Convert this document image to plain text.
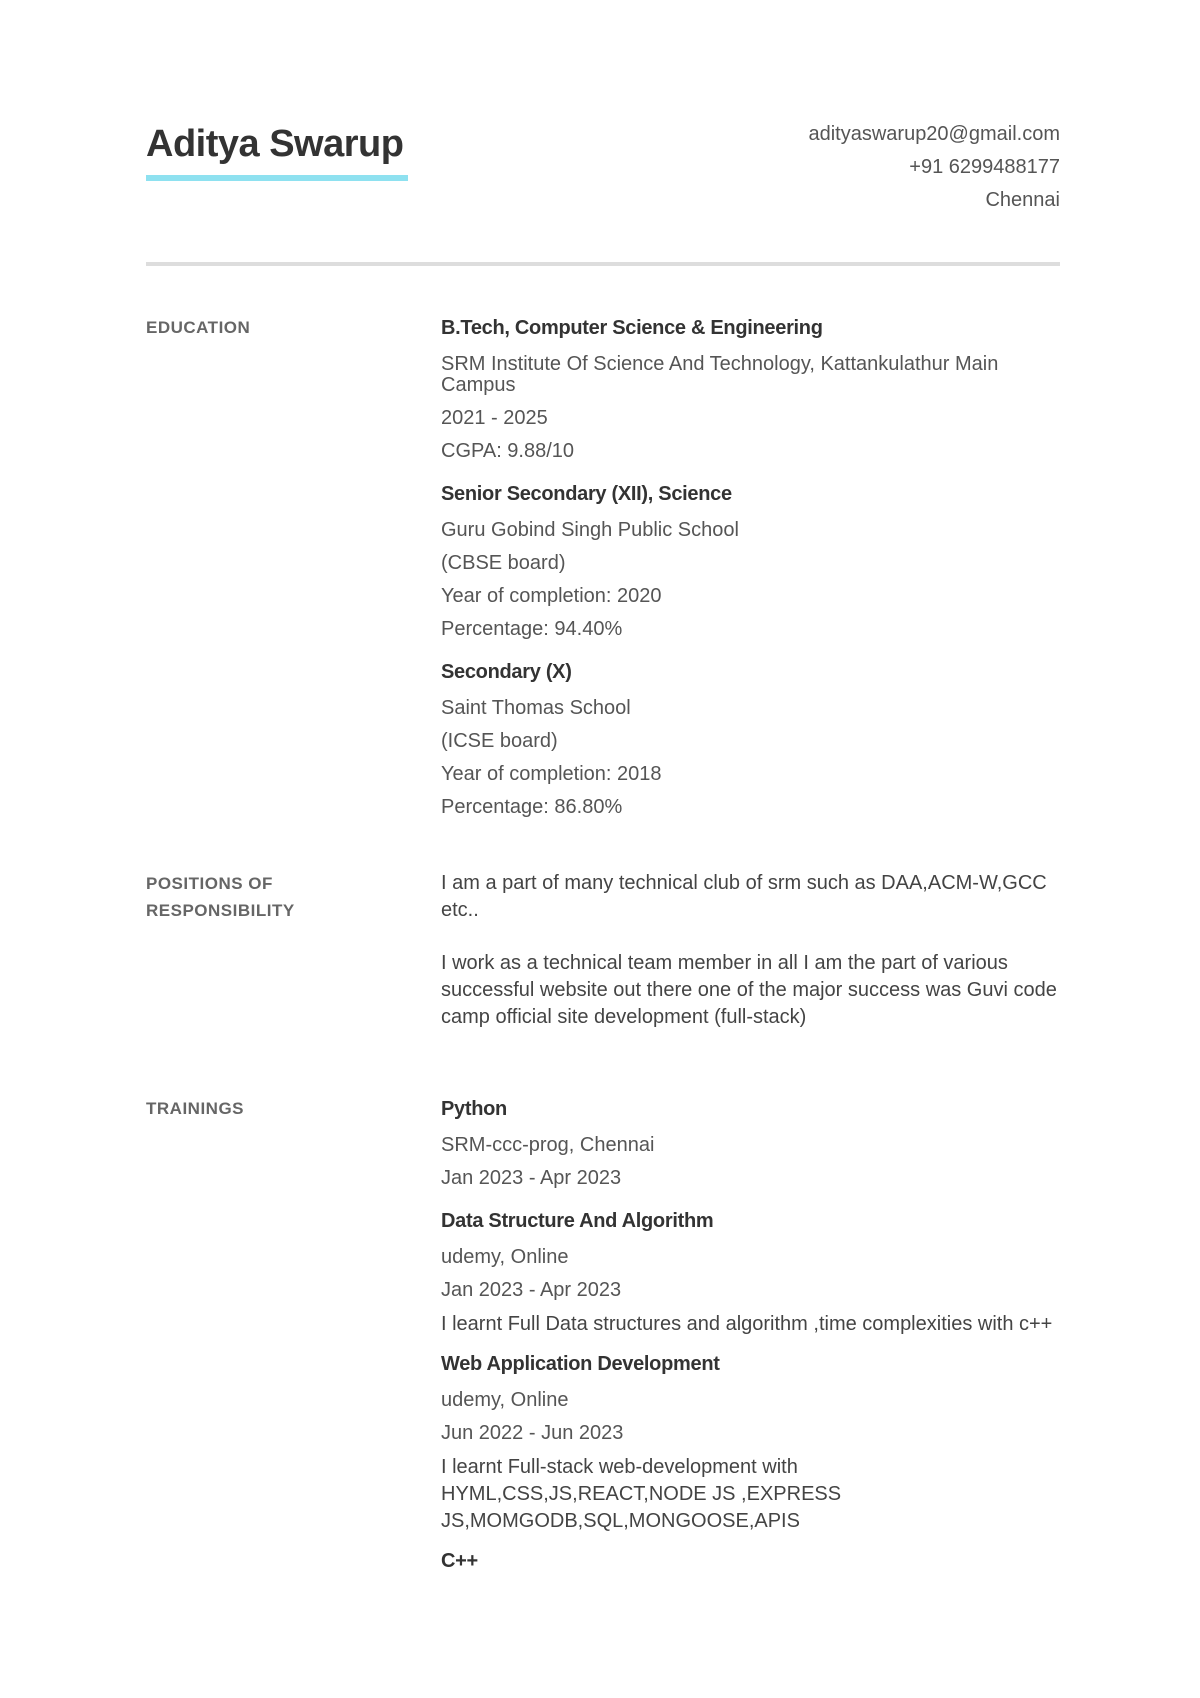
Aditya Swarup	adityaswarup20@gmail.com
+91 6299488177
Chennai
EDUCATION	B.Tech, Computer Science & Engineering
SRM Institute Of Science And Technology, Kattankulathur Main Campus
2021 - 2025
CGPA: 9.88/10
Senior Secondary (XII), Science
Guru Gobind Singh Public School
(CBSE board)
Year of completion: 2020
Percentage: 94.40%
Secondary (X)
Saint Thomas School
(ICSE board)
Year of completion: 2018
Percentage: 86.80%
POSITIONS OF
RESPONSIBILITY

I am a part of many technical club of srm such as DAA,ACM-W,GCC etc..

I work as a technical team member in all I am the part of various successful website out there one of the major success was Guvi code camp official site development (full-stack)

TRAININGS	Python
SRM-ccc-prog, Chennai
Jan 2023 - Apr 2023
Data Structure And Algorithm
udemy, Online
Jan 2023 - Apr 2023
I learnt Full Data structures and algorithm ,time complexities with c++
Web Application Development
udemy, Online
Jun 2022 - Jun 2023
I learnt Full-stack web-development with
HYML,CSS,JS,REACT,NODE JS ,EXPRESS
JS,MOMGODB,SQL,MONGOOSE,APIS
C++
